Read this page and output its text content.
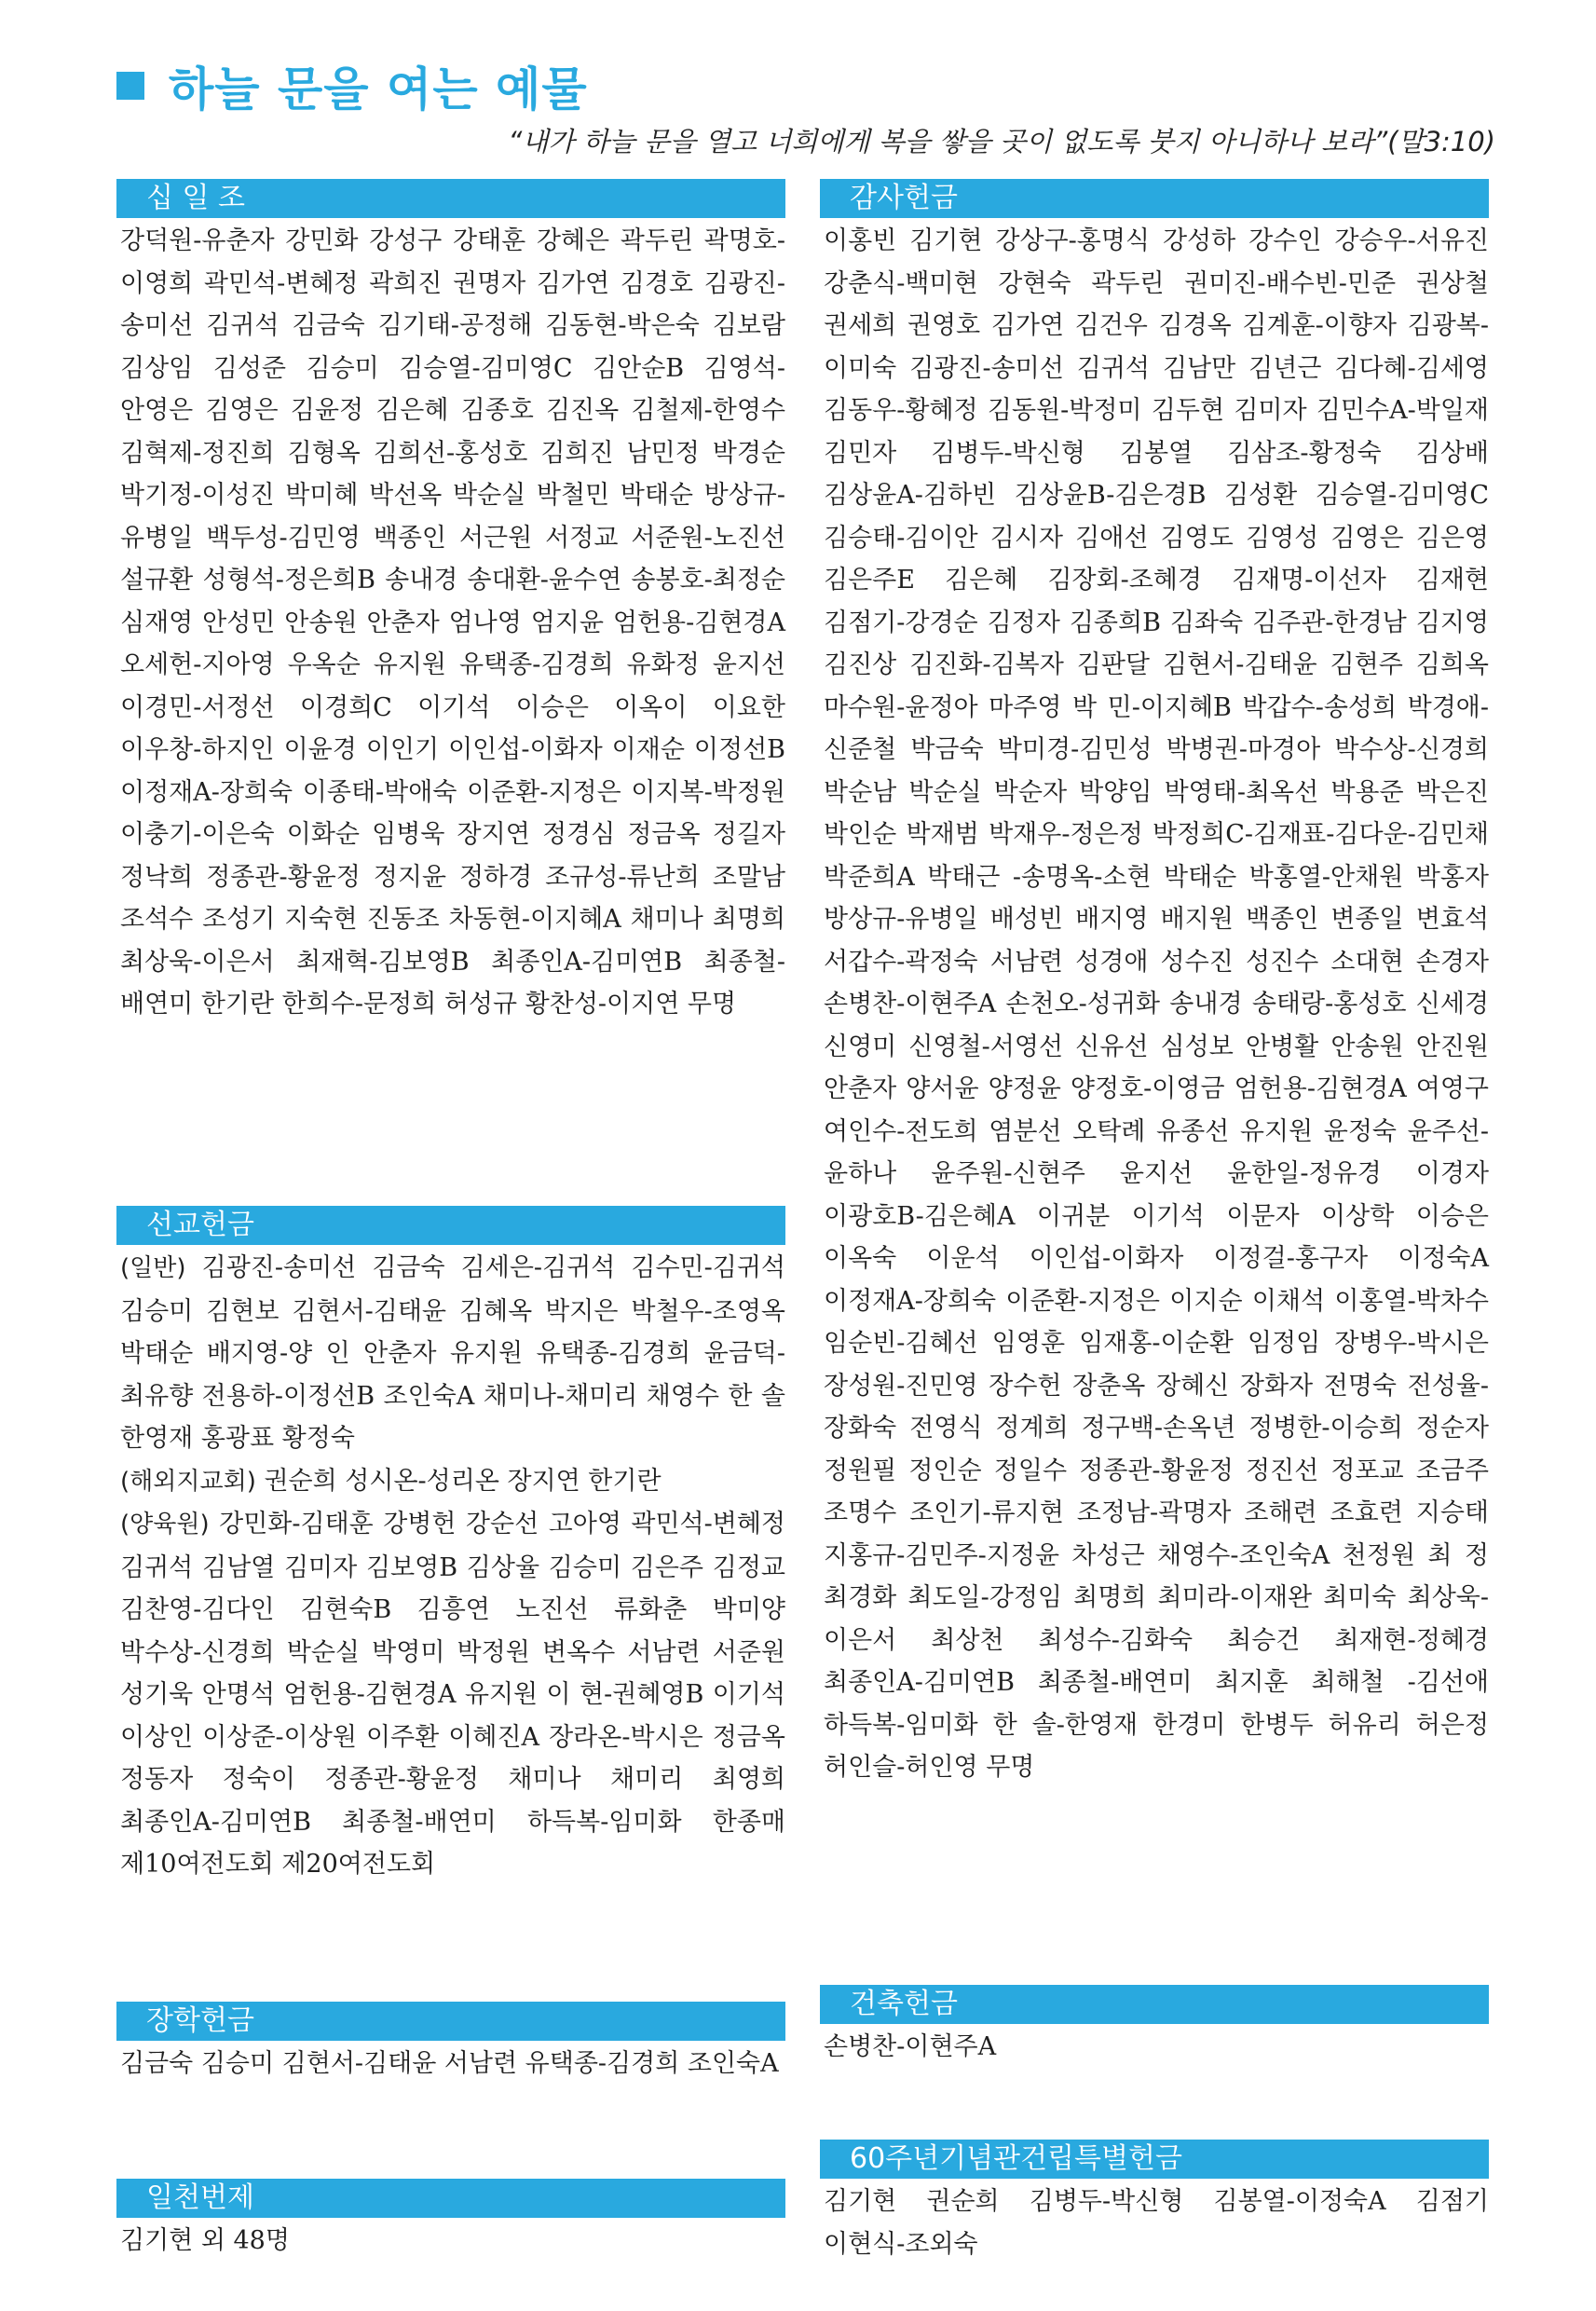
하늘 문을 여는 예물
“내가 하늘 문을 열고 너희에게 복을 쌓을 곳이 없도록 붓지 아니하나 보라”(말3:10)
십 일 조
강덕원-유춘자 강민화 강성구 강태훈 강혜은 곽두린 곽명호-이영희 곽민석-변혜정 곽희진 권명자 김가연 김경호 김광진-송미선 김귀석 김금숙 김기태-공정해 김동현-박은숙 김보람 김상임 김성준 김승미 김승열-김미영C 김안순B 김영석-안영은 김영은 김윤정 김은혜 김종호 김진옥 김철제-한영수 김혁제-정진희 김형옥 김희선-홍성호 김희진 남민정 박경순 박기정-이성진 박미혜 박선옥 박순실 박철민 박태순 방상규-유병일 백두성-김민영 백종인 서근원 서정교 서준원-노진선 설규환 성형석-정은희B 송내경 송대환-윤수연 송봉호-최정순 심재영 안성민 안송원 안춘자 엄나영 엄지윤 엄헌용-김현경A 오세헌-지아영 우옥순 유지원 유택종-김경희 유화정 윤지선 이경민-서정선 이경희C 이기석 이승은 이옥이 이요한 이우창-하지인 이윤경 이인기 이인섭-이화자 이재순 이정선B 이정재A-장희숙 이종태-박애숙 이준환-지정은 이지복-박정원 이충기-이은숙 이화순 임병욱 장지연 정경심 정금옥 정길자 정낙희 정종관-황윤정 정지윤 정하경 조규성-류난희 조말남 조석수 조성기 지숙현 진동조 차동현-이지혜A 채미나 최명희 최상욱-이은서 최재혁-김보영B 최종인A-김미연B 최종철-배연미 한기란 한희수-문정희 허성규 황찬성-이지연 무명
선교헌금
(일반) 김광진-송미선 김금숙 김세은-김귀석 김수민-김귀석 김승미 김현보 김현서-김태윤 김혜옥 박지은 박철우-조영옥 박태순 배지영-양 인 안춘자 유지원 유택종-김경희 윤금덕-최유향 전용하-이정선B 조인숙A 채미나-채미리 채영수 한 솔 한영재 홍광표 황정숙
(해외지교회) 권순희 성시온-성리온 장지연 한기란
(양육원) 강민화-김태훈 강병헌 강순선 고아영 곽민석-변혜정 김귀석 김남열 김미자 김보영B 김상율 김승미 김은주 김정교 김찬영-김다인 김현숙B 김흥연 노진선 류화춘 박미양 박수상-신경희 박순실 박영미 박정원 변옥수 서남련 서준원 성기욱 안명석 엄헌용-김현경A 유지원 이 현-권혜영B 이기석 이상인 이상준-이상원 이주환 이혜진A 장라온-박시은 정금옥 정동자 정숙이 정종관-황윤정 채미나 채미리 최영희 최종인A-김미연B 최종철-배연미 하득복-임미화 한종매 제10여전도회 제20여전도회
장학헌금
김금숙 김승미 김현서-김태윤 서남련 유택종-김경희 조인숙A
일천번제
김기현 외 48명
감사헌금
이홍빈 김기현 강상구-홍명식 강성하 강수인 강승우-서유진 강춘식-백미현 강현숙 곽두린 권미진-배수빈-민준 권상철 권세희 권영호 김가연 김건우 김경옥 김계훈-이향자 김광복-이미숙 김광진-송미선 김귀석 김남만 김년근 김다혜-김세영 김동우-황혜정 김동원-박정미 김두현 김미자 김민수A-박일재 김민자 김병두-박신형 김봉열 김삼조-황정숙 김상배 김상윤A-김하빈 김상윤B-김은경B 김성환 김승열-김미영C 김승태-김이안 김시자 김애선 김영도 김영성 김영은 김은영 김은주E 김은혜 김장회-조혜경 김재명-이선자 김재현 김점기-강경순 김정자 김종희B 김좌숙 김주관-한경남 김지영 김진상 김진화-김복자 김판달 김현서-김태윤 김현주 김희옥 마수원-윤정아 마주영 박 민-이지혜B 박갑수-송성희 박경애-신준철 박금숙 박미경-김민성 박병권-마경아 박수상-신경희 박순남 박순실 박순자 박양임 박영태-최옥선 박용준 박은진 박인순 박재범 박재우-정은정 박정희C-김재표-김다운-김민채 박준희A 박태근 -송명옥-소현 박태순 박홍열-안채원 박홍자 방상규-유병일 배성빈 배지영 배지원 백종인 변종일 변효석 서갑수-곽정숙 서남련 성경애 성수진 성진수 소대현 손경자 손병찬-이현주A 손천오-성귀화 송내경 송태랑-홍성호 신세경 신영미 신영철-서영선 신유선 심성보 안병활 안송원 안진원 안춘자 양서윤 양정윤 양정호-이영금 엄헌용-김현경A 여영구 여인수-전도희 염분선 오탁례 유종선 유지원 윤정숙 윤주선-윤하나 윤주원-신현주 윤지선 윤한일-정유경 이경자 이광호B-김은혜A 이귀분 이기석 이문자 이상학 이승은 이옥숙 이운석 이인섭-이화자 이정걸-홍구자 이정숙A 이정재A-장희숙 이준환-지정은 이지순 이채석 이홍열-박차수 임순빈-김혜선 임영훈 임재홍-이순환 임정임 장병우-박시은 장성원-진민영 장수헌 장춘옥 장혜신 장화자 전명숙 전성율-장화숙 전영식 정계희 정구백-손옥년 정병한-이승희 정순자 정원필 정인순 정일수 정종관-황윤정 정진선 정포교 조금주 조명수 조인기-류지현 조정남-곽명자 조해련 조효련 지승태 지홍규-김민주-지정윤 차성근 채영수-조인숙A 천정원 최 정 최경화 최도일-강정임 최명희 최미라-이재완 최미숙 최상욱-이은서 최상천 최성수-김화숙 최승건 최재현-정혜경 최종인A-김미연B 최종철-배연미 최지훈 최해철 -김선애 하득복-임미화 한 솔-한영재 한경미 한병두 허유리 허은정 허인슬-허인영 무명
건축헌금
손병찬-이현주A
60주년기념관건립특별헌금
김기현 권순희 김병두-박신형 김봉열-이정숙A 김점기 이현식-조외숙
